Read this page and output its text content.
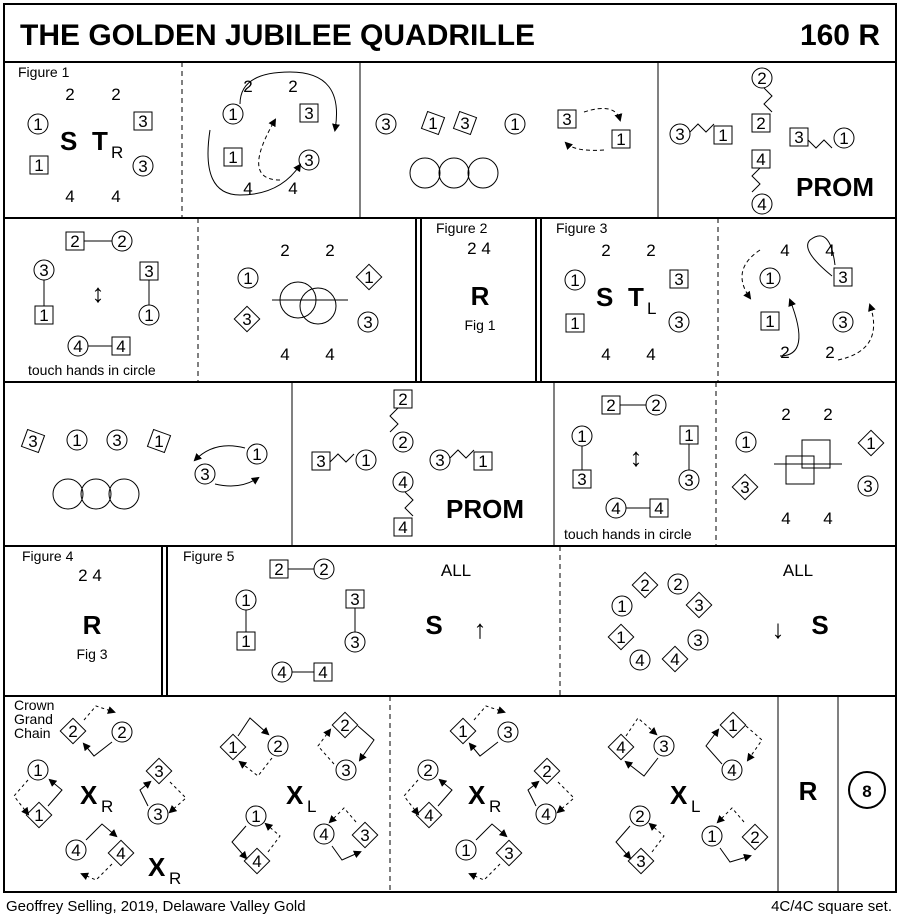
THE GOLDEN JUBILEE QUADRILLE	160 R
Figure 1
2 2
1
1
S T R
3
3
4 4
2 2
1
1
3
3
4 4
3 1 3 1	3
1	3 1
2
2
3 1
4
4
PROM
2 2
3
1
3
1
↕
4 4
touch hands in circle
2 2
1
3
1
3
4 4
Figure 2
2 4
R
Fig 1
Figure 3
2 2
1
1
S T L
3
3
4 4
4 4
1
1
3
3
2 2
3 1 3 1
1
3
3 1
2
2
3 1
4
4
PROM
2 2
1
3
1
3
↕
4 4
touch hands in circle
2 2
1
3
1
3
4 4
Figure 4
2 4
R
Fig 3
Figure 5
2 2
1
1
3
3
4 4
ALL
S ↑
2 2
1	3
1	3
4 4
ALL
↓ S
Crown
Grand
Chain 2 2
1
1
X R
3
3
4 4 X R
1 2
2
3
X L
1
4
4 3
1 3
2
4
X R
2
4
1 3
4 3
1
4
X L
2
3
1 2
R	8
Geoffrey Selling, 2019, Delaware Valley Gold	4C/4C square set.
